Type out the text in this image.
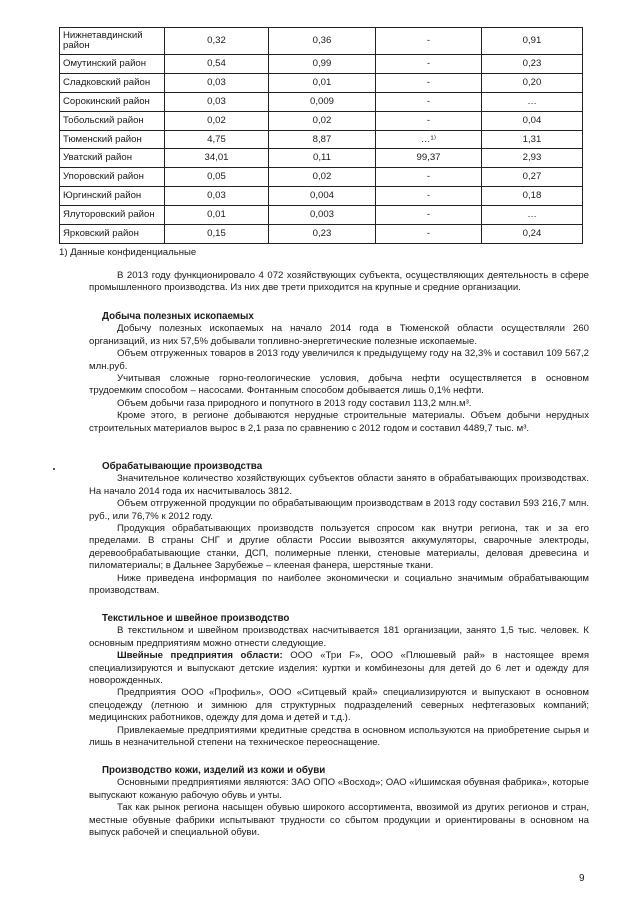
Нижнетавдинский район	0,32	0,36	-	0,91
Омутинский район	0,54	0,99	-	0,23
Сладковский район	0,03	0,01	-	0,20
Сорокинский район	0,03	0,009	-	…
Тобольский район	0,02	0,02	-	0,04
Тюменский район	4,75	8,87	…¹⁾	1,31
Уватский район	34,01	0,11	99,37	2,93
Упоровский район	0,05	0,02	-	0,27
Юргинский район	0,03	0,004	-	0,18
Ялуторовский район	0,01	0,003	-	…
Ярковский район	0,15	0,23	-	0,24
1) Данные конфиденциальные

В 2013 году функционировало 4 072 хозяйствующих субъекта, осуществляющих деятельность в сфере промышленного производства. Из них две трети приходится на крупные и средние организации.

Добыча полезных ископаемых

Добычу полезных ископаемых на начало 2014 года в Тюменской области осуществляли 260 организаций, из них 57,5% добывали топливно-энергетические полезные ископаемые.

Объем отгруженных товаров в 2013 году увеличился к предыдущему году на 32,3% и составил 109 567,2 млн.руб.

Учитывая сложные горно-геологические условия, добыча нефти осуществляется в основном трудоемким способом – насосами. Фонтанным способом добывается лишь 0,1% нефти.

Объем добычи газа природного и попутного в 2013 году составил 113,2 млн.м³.

Кроме этого, в регионе добываются нерудные строительные материалы. Объем добычи нерудных строительных материалов вырос в 2,1 раза по сравнению с 2012 годом и составил 4489,7 тыс. м³.

Обрабатывающие производства

Значительное количество хозяйствующих субъектов области занято в обрабатывающих производствах. На начало 2014 года их насчитывалось 3812.

Объем отгруженной продукции по обрабатывающим производствам в 2013 году составил 593 216,7 млн. руб., или 76,7% к 2012 году.

Продукция обрабатывающих производств пользуется спросом как внутри региона, так и за его пределами. В страны СНГ и другие области России вывозятся аккумуляторы, сварочные электроды, деревообрабатывающие станки, ДСП, полимерные пленки, стеновые материалы, деловая древесина и пиломатериалы; в Дальнее Зарубежье – клееная фанера, шерстяные ткани.

Ниже приведена информация по наиболее экономически и социально значимым обрабатывающим производствам.

Текстильное и швейное производство

В текстильном и швейном производствах насчитывается 181 организации, занято 1,5 тыс. человек. К основным предприятиям можно отнести следующие.

Швейные предприятия области: ООО «Три F», ООО «Плюшевый рай» в настоящее время специализируются и выпускают детские изделия: куртки и комбинезоны для детей до 6 лет и одежду для новорожденных.

Предприятия ООО «Профиль», ООО «Ситцевый край» специализируются и выпускают в основном спецодежду (летнюю и зимнюю для структурных подразделений северных нефтегазовых компаний; медицинских работников, одежду для дома и детей и т.д.).

Привлекаемые предприятиями кредитные средства в основном используются на приобретение сырья и лишь в незначительной степени на техническое переоснащение.

Производство кожи, изделий из кожи и обуви

Основными предприятиями являются: ЗАО ОПО «Восход»; ОАО «Ишимская обувная фабрика», которые выпускают кожаную рабочую обувь и унты.

Так как рынок региона насыщен обувью широкого ассортимента, ввозимой из других регионов и стран, местные обувные фабрики испытывают трудности со сбытом продукции и ориентированы в основном на выпуск рабочей и специальной обуви.

9
